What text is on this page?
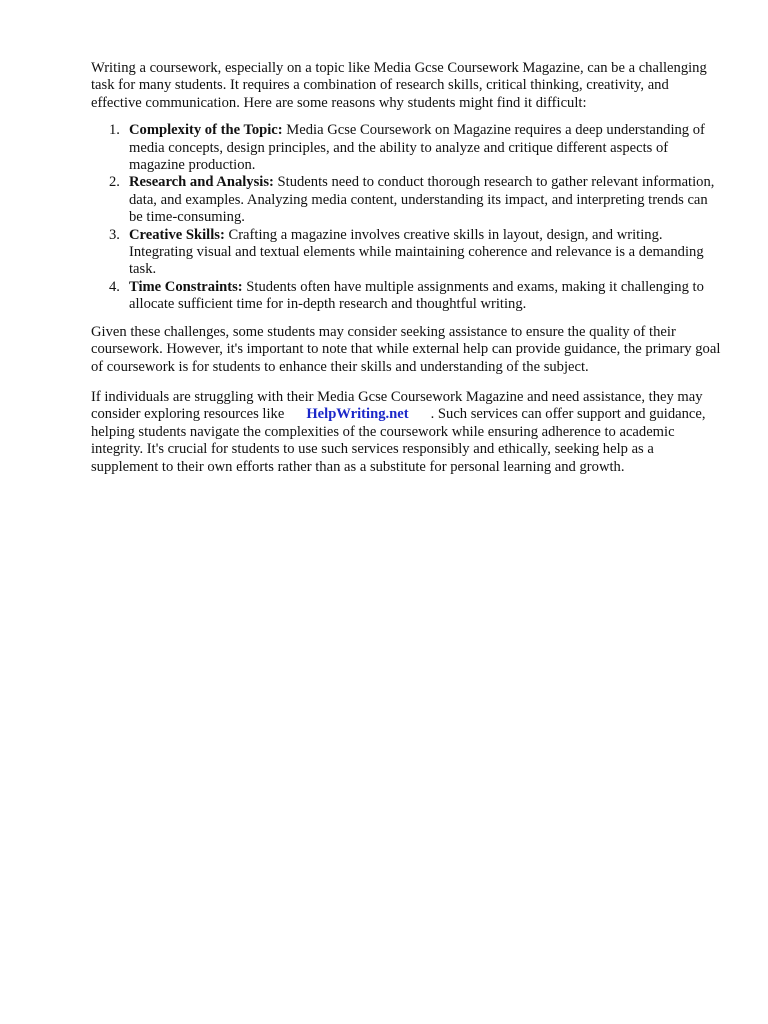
Writing a coursework, especially on a topic like Media Gcse Coursework Magazine, can be a challenging task for many students. It requires a combination of research skills, critical thinking, creativity, and effective communication. Here are some reasons why students might find it difficult:

1. Complexity of the Topic: Media Gcse Coursework on Magazine requires a deep understanding of media concepts, design principles, and the ability to analyze and critique different aspects of magazine production.
2. Research and Analysis: Students need to conduct thorough research to gather relevant information, data, and examples. Analyzing media content, understanding its impact, and interpreting trends can be time-consuming.
3. Creative Skills: Crafting a magazine involves creative skills in layout, design, and writing. Integrating visual and textual elements while maintaining coherence and relevance is a demanding task.
4. Time Constraints: Students often have multiple assignments and exams, making it challenging to allocate sufficient time for in-depth research and thoughtful writing.

Given these challenges, some students may consider seeking assistance to ensure the quality of their coursework. However, it's important to note that while external help can provide guidance, the primary goal of coursework is for students to enhance their skills and understanding of the subject.

If individuals are struggling with their Media Gcse Coursework Magazine and need assistance, they may consider exploring resources like HelpWriting.net . Such services can offer support and guidance, helping students navigate the complexities of the coursework while ensuring adherence to academic integrity. It's crucial for students to use such services responsibly and ethically, seeking help as a supplement to their own efforts rather than as a substitute for personal learning and growth.
